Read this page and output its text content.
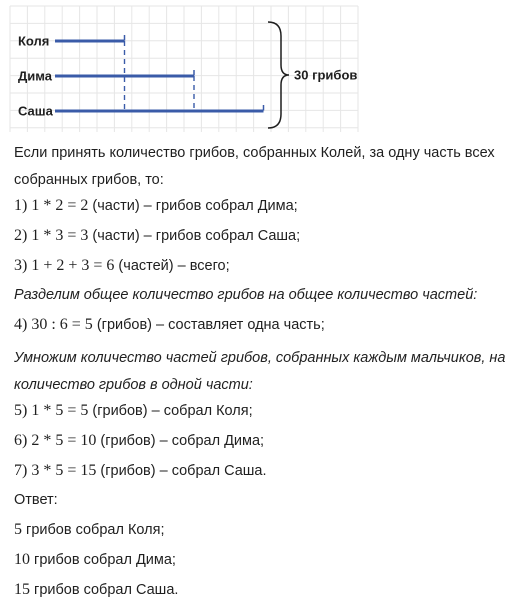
Коля
Дима
Саша
30 грибов
Если принять количество грибов, собранных Колей, за одну часть всех собранных грибов, то:
1) 1 * 2 = 2 (части) – грибов собрал Дима;
2) 1 * 3 = 3 (части) – грибов собрал Саша;
3) 1 + 2 + 3 = 6 (частей) – всего;
Разделим общее количество грибов на общее количество частей:
4) 30 : 6 = 5 (грибов) – составляет одна часть;
Умножим количество частей грибов, собранных каждым мальчиков, на количество грибов в одной части:
5) 1 * 5 = 5 (грибов) – собрал Коля;
6) 2 * 5 = 10 (грибов) – собрал Дима;
7) 3 * 5 = 15 (грибов) – собрал Саша.
Ответ:
5 грибов собрал Коля;
10 грибов собрал Дима;
15 грибов собрал Саша.
